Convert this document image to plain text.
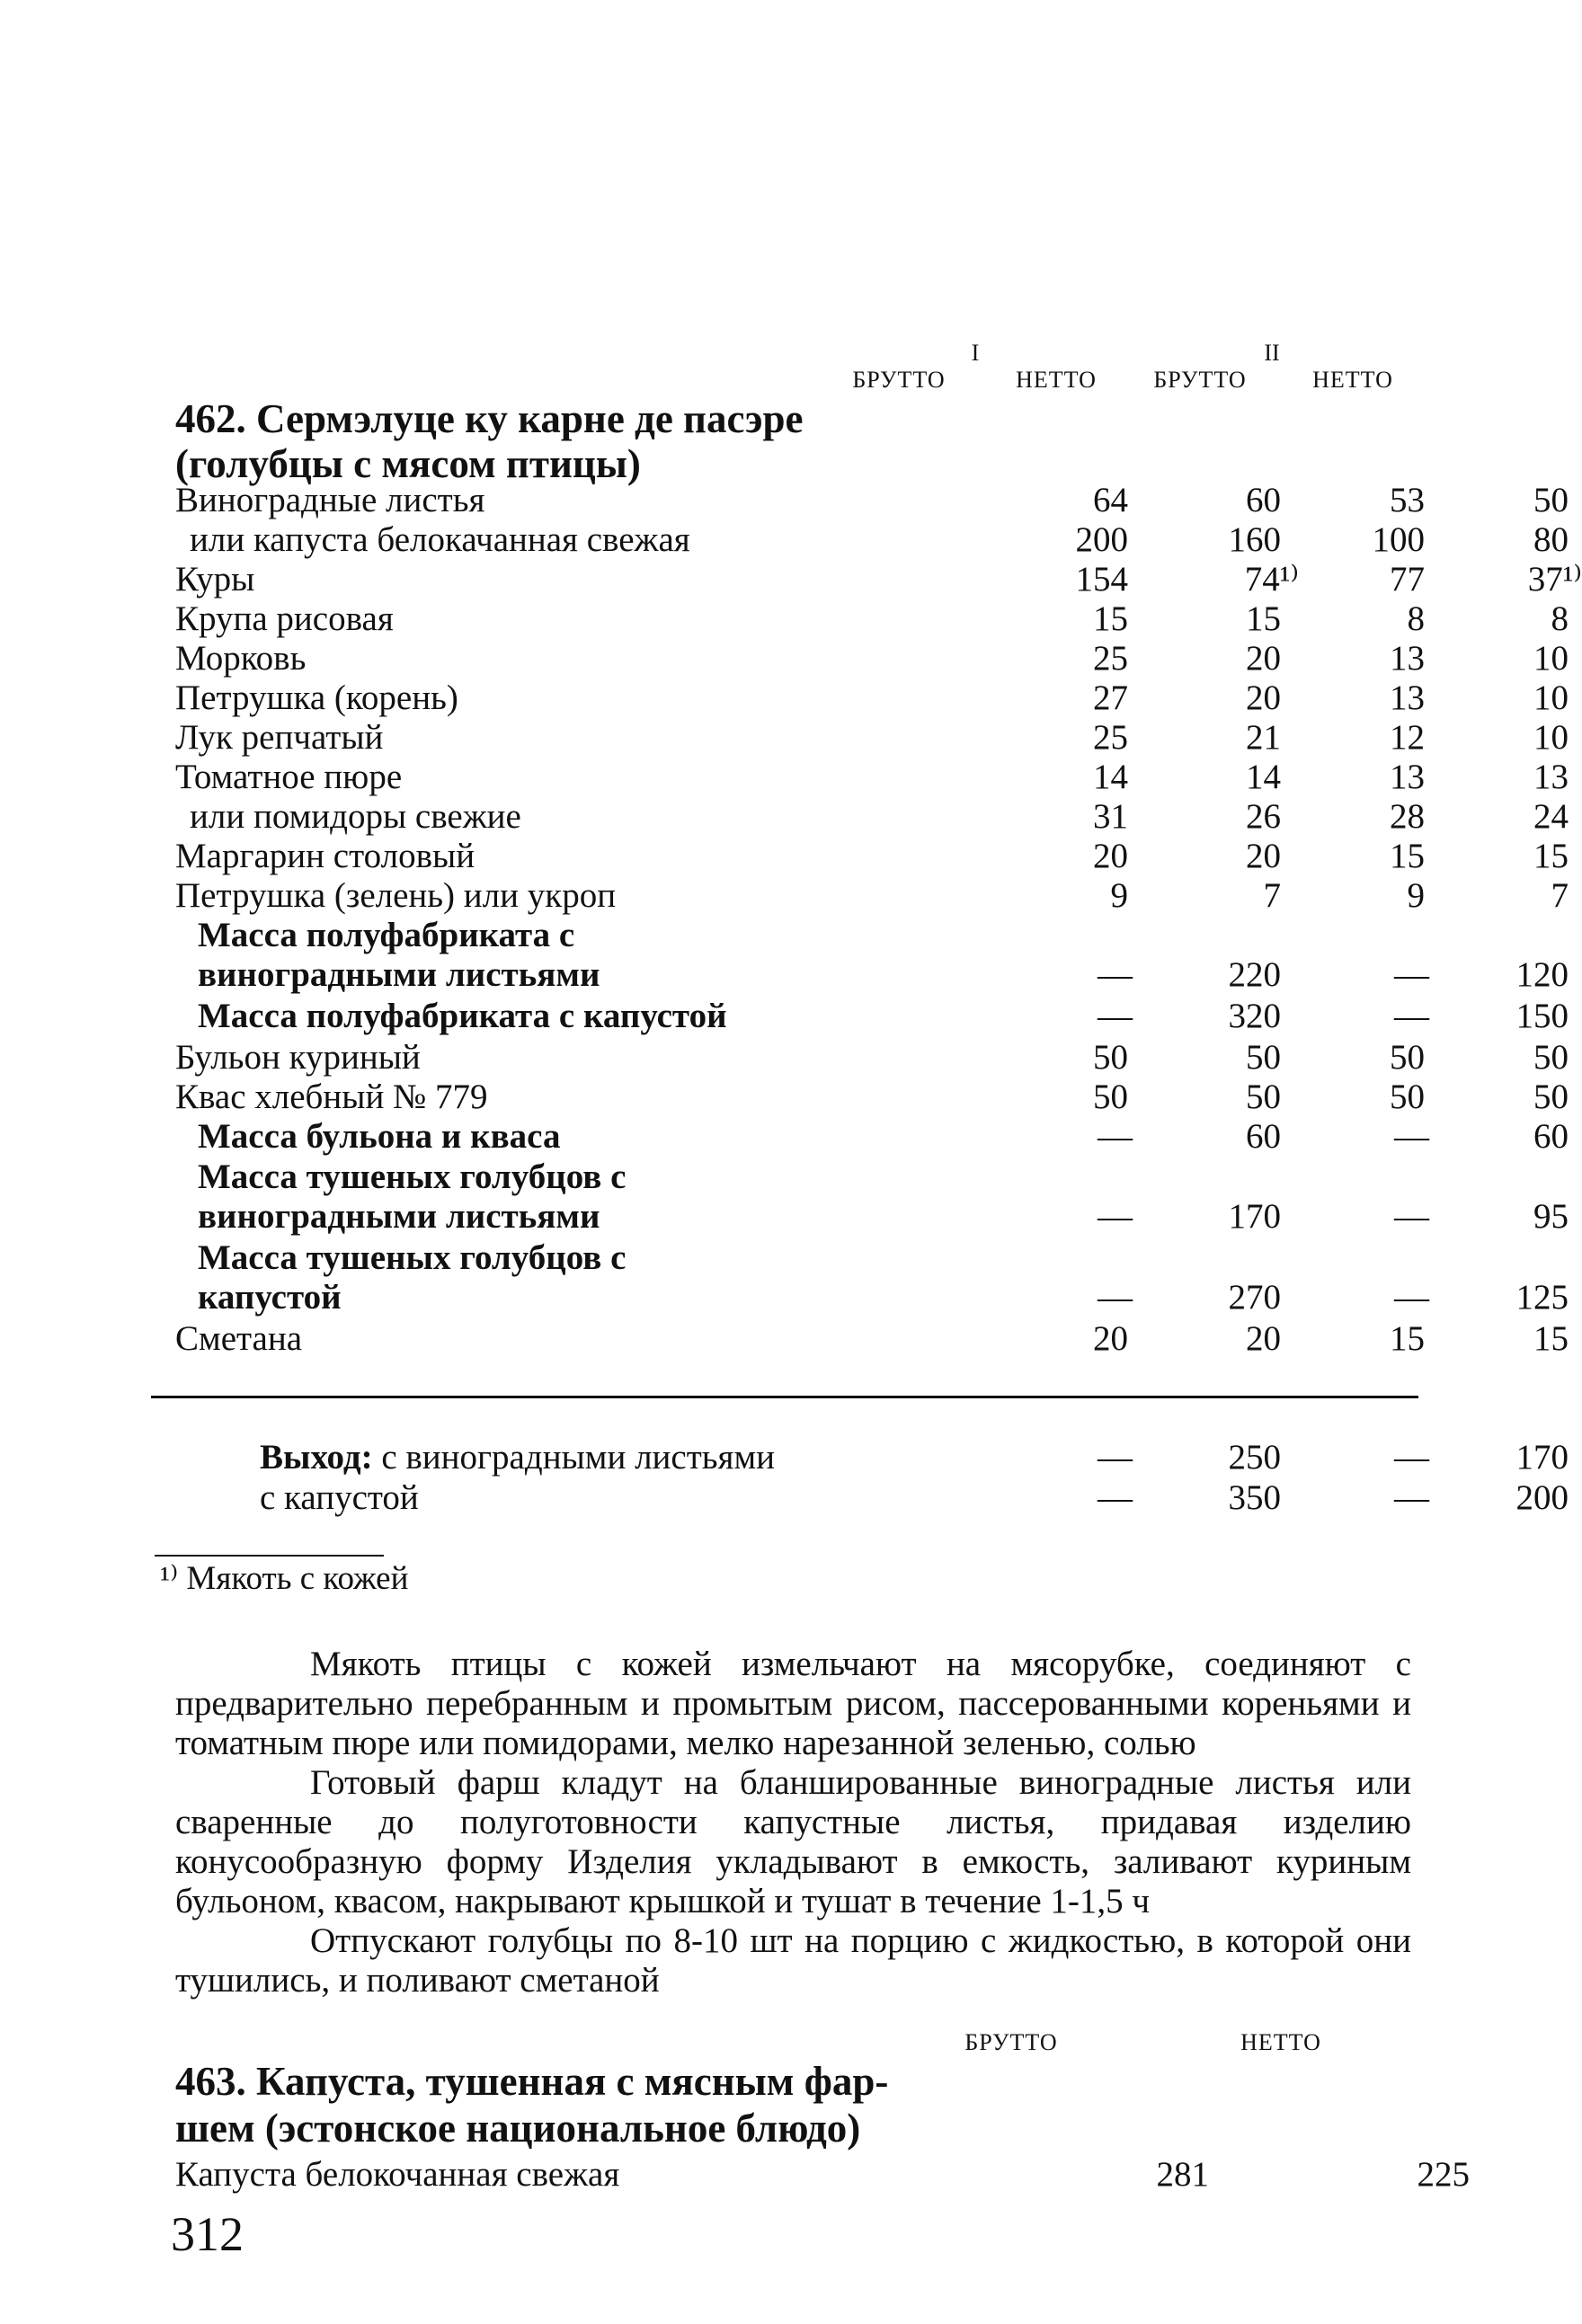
I	II
БРУТТО	НЕТТО	БРУТТО	НЕТТО
462. Сермэлуце ку карне де пасэре
(голубцы с мясом птицы)
Виноградные листья	64	60	53	50
или капуста белокачанная свежая	200	160	100	80
Куры	154	74¹⁾	77	37¹⁾
Крупа рисовая	15	15	8	8
Морковь	25	20	13	10
Петрушка (корень)	27	20	13	10
Лук репчатый	25	21	12	10
Томатное пюре	14	14	13	13
или помидоры свежие	31	26	28	24
Маргарин столовый	20	20	15	15
Петрушка (зелень) или укроп	9	7	9	7
Масса полуфабриката с
виноградными листьями	—	220	—	120
Масса полуфабриката с капустой	—	320	—	150
Бульон куриный	50	50	50	50
Квас хлебный № 779	50	50	50	50
Масса бульона и кваса	—	60	—	60
Масса тушеных голубцов с
виноградными листьями	—	170	—	95
Масса тушеных голубцов с
капустой	—	270	—	125
Сметана	20	20	15	15
Выход: с виноградными листьями	—	250	—	170
с капустой	—	350	—	200
¹⁾ Мякоть с кожей

Мякоть птицы с кожей измельчают на мясорубке, соединяют с предварительно перебранным и промытым рисом, пассерованными кореньями и томатным пюре или помидорами, мелко нарезанной зеленью, солью

Готовый фарш кладут на бланшированные виноградные листья или сваренные до полуготовности капустные листья, придавая изделию конусообразную форму Изделия укладывают в емкость, заливают куриным бульоном, квасом, накрывают крышкой и тушат в течение 1-1,5 ч

Отпускают голубцы по 8-10 шт на порцию с жидкостью, в которой они тушились, и поливают сметаной

БРУТТО	НЕТТО
463. Капуста, тушенная с мясным фар-
шем (эстонское национальное блюдо)
Капуста белокочанная свежая	281	225
312
